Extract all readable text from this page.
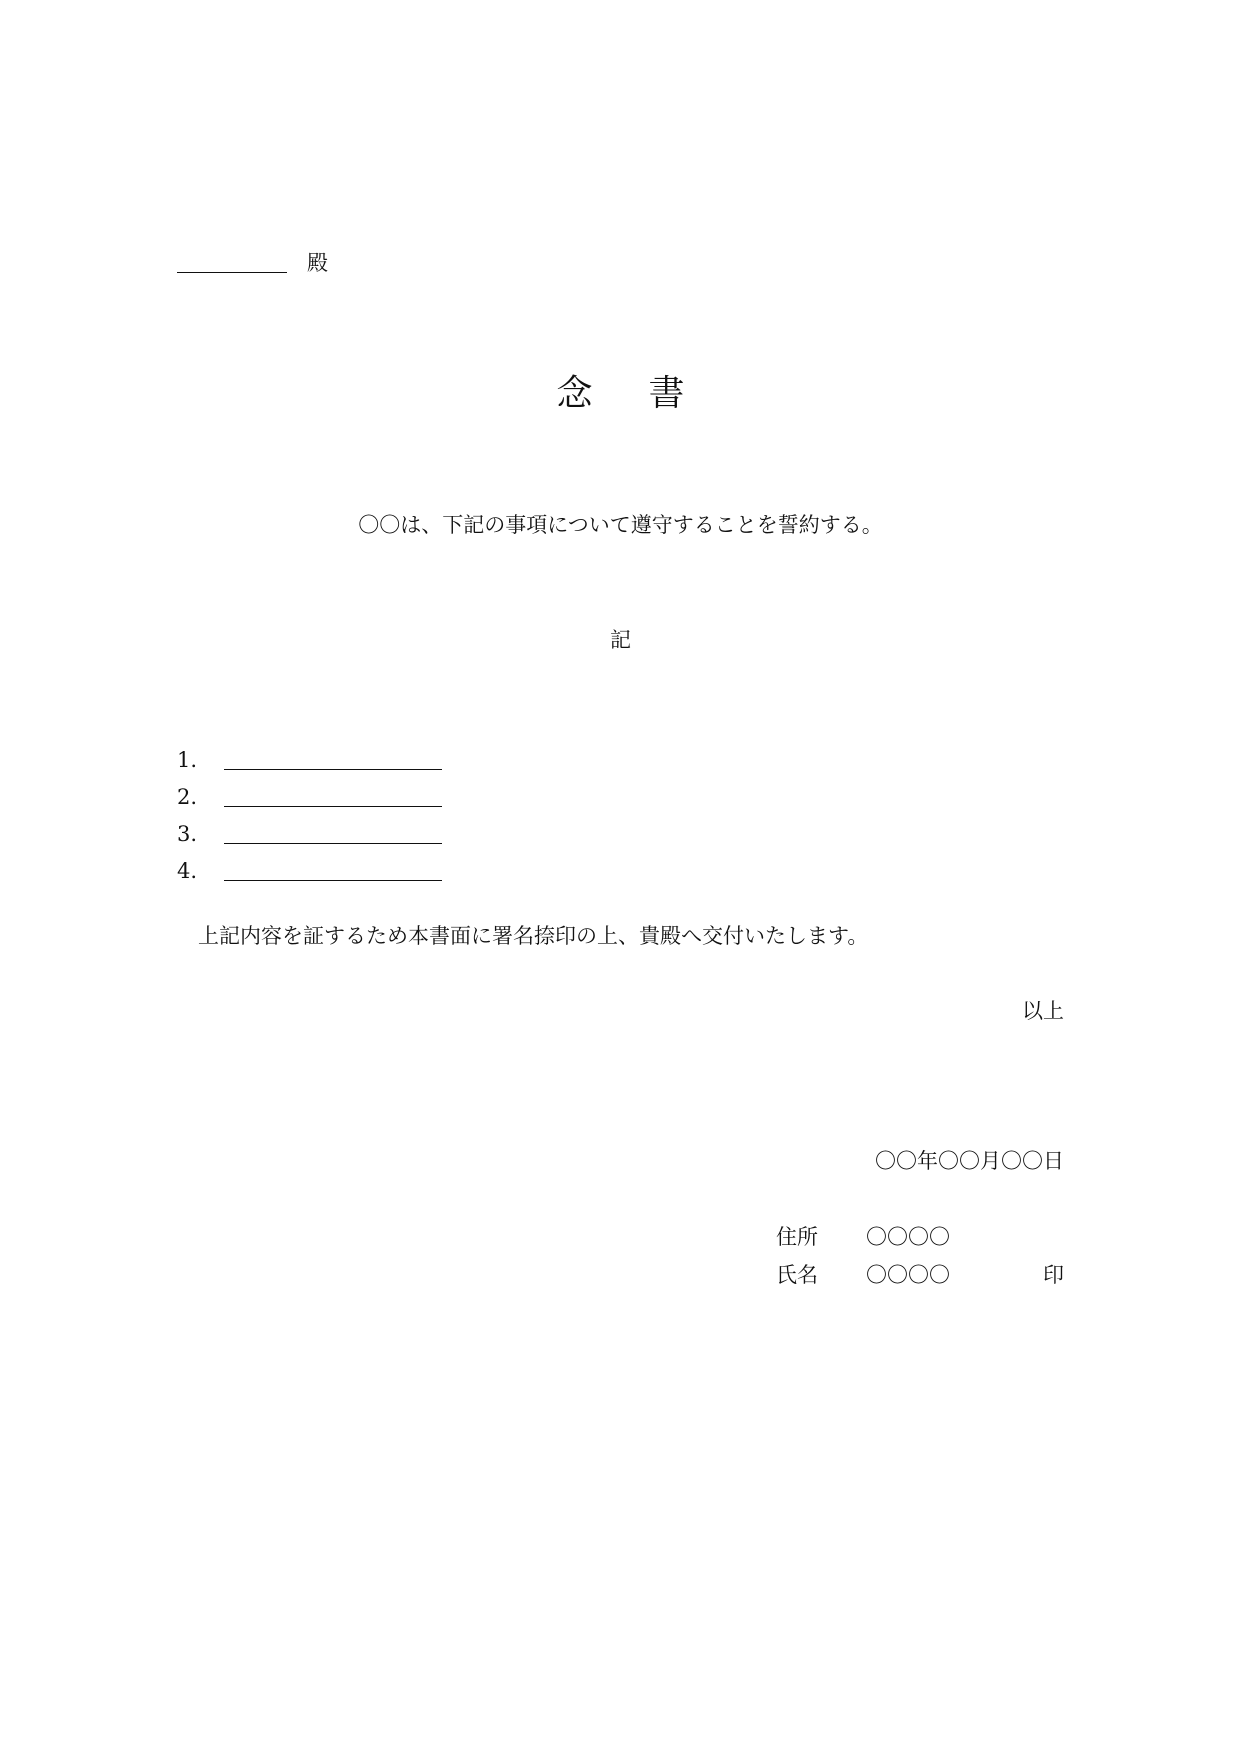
殿
念書
〇〇は、下記の事項について遵守することを誓約する。
記
1.
2.
3.
4.
上記内容を証するため本書面に署名捺印の上、貴殿へ交付いたします。
以上
〇〇年〇〇月〇〇日
住所 〇〇〇〇
氏名 〇〇〇〇	印
